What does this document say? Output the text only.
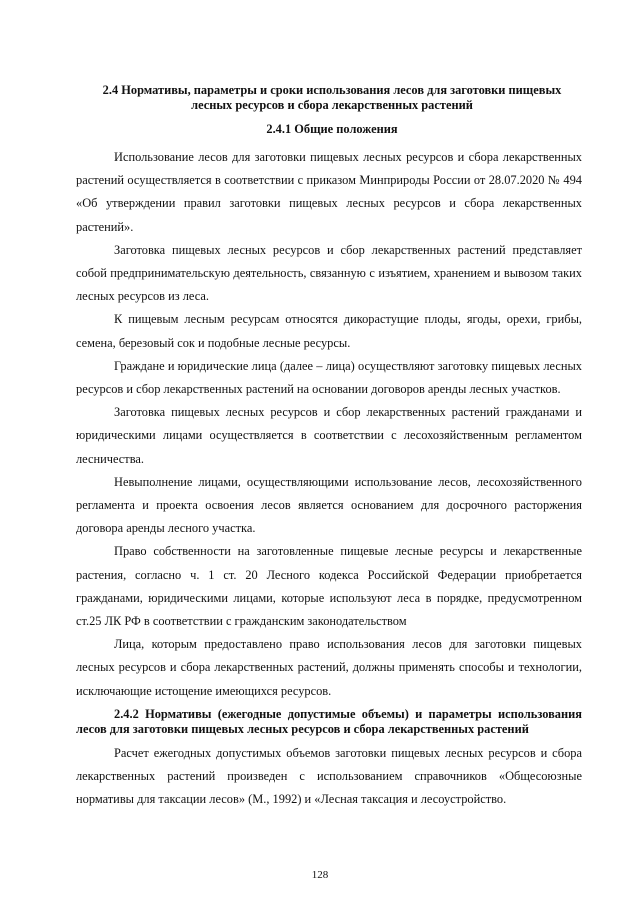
2.4 Нормативы, параметры и сроки использования лесов для заготовки пищевых лесных ресурсов и сбора лекарственных растений
2.4.1 Общие положения

Использование лесов для заготовки пищевых лесных ресурсов и сбора лекарственных растений осуществляется в соответствии с приказом Минприроды России от 28.07.2020 № 494 «Об утверждении правил заготовки пищевых лесных ресурсов и сбора лекарственных растений».

Заготовка пищевых лесных ресурсов и сбор лекарственных растений представляет собой предпринимательскую деятельность, связанную с изъятием, хранением и вывозом таких лесных ресурсов из леса.

К пищевым лесным ресурсам относятся дикорастущие плоды, ягоды, орехи, грибы, семена, березовый сок и подобные лесные ресурсы.

Граждане и юридические лица (далее – лица) осуществляют заготовку пищевых лесных ресурсов и сбор лекарственных растений на основании договоров аренды лесных участков.

Заготовка пищевых лесных ресурсов и сбор лекарственных растений гражданами и юридическими лицами осуществляется в соответствии с лесохозяйственным регламентом лесничества.

Невыполнение лицами, осуществляющими использование лесов, лесохозяйственного регламента и проекта освоения лесов является основанием для досрочного расторжения договора аренды лесного участка.

Право собственности на заготовленные пищевые лесные ресурсы и лекарственные растения, согласно ч. 1 ст. 20 Лесного кодекса Российской Федерации приобретается гражданами, юридическими лицами, которые используют леса в порядке, предусмотренном ст.25 ЛК РФ в соответствии с гражданским законодательством

Лица, которым предоставлено право использования лесов для заготовки пищевых лесных ресурсов и сбора лекарственных растений, должны применять способы и технологии, исключающие истощение имеющихся ресурсов.

2.4.2 Нормативы (ежегодные допустимые объемы) и параметры использования лесов для заготовки пищевых лесных ресурсов и сбора лекарственных растений

Расчет ежегодных допустимых объемов заготовки пищевых лесных ресурсов и сбора лекарственных растений произведен с использованием справочников «Общесоюзные нормативы для таксации лесов» (М., 1992) и «Лесная таксация и лесоустройство.

128
